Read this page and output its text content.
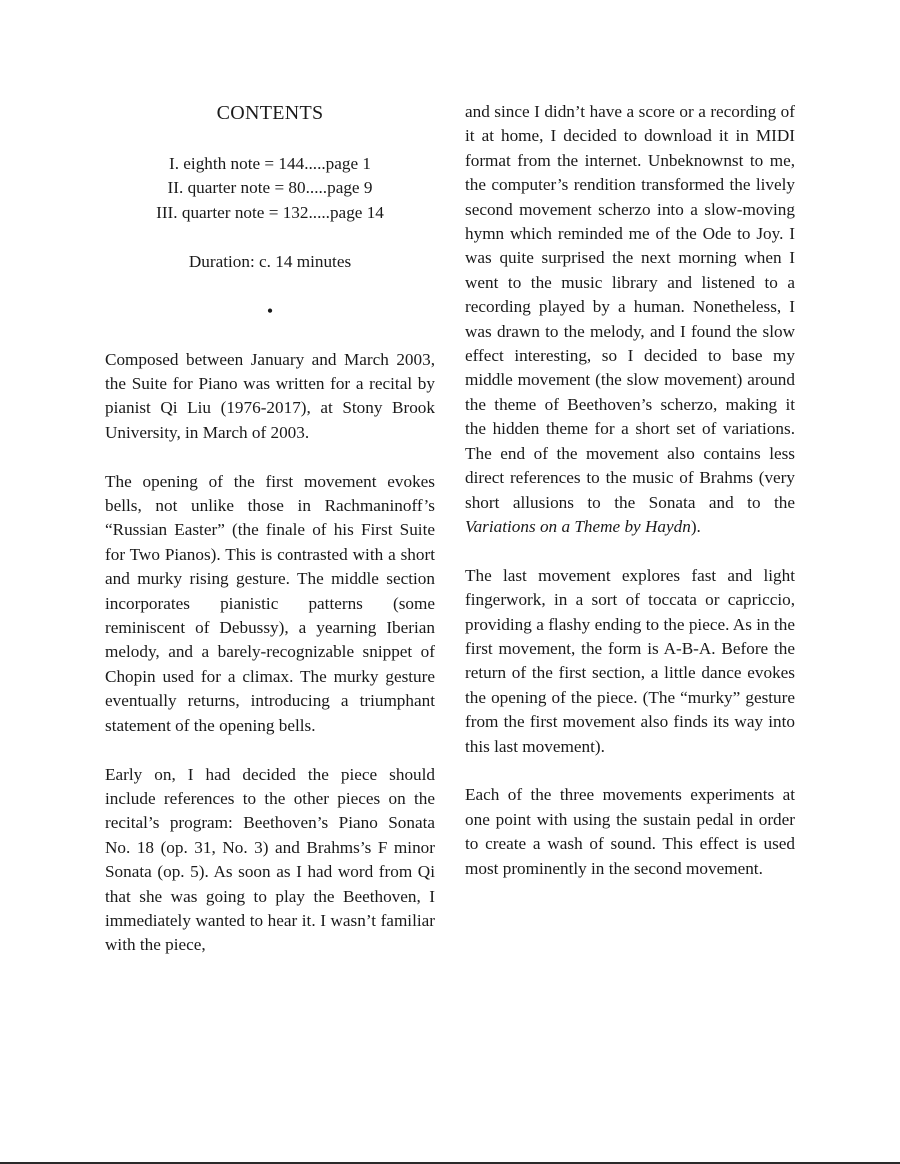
CONTENTS
I. eighth note = 144.....page 1
II. quarter note = 80.....page 9
III. quarter note = 132.....page 14
Duration: c. 14 minutes
•

Composed between January and March 2003, the Suite for Piano was written for a recital by pianist Qi Liu (1976-2017), at Stony Brook University, in March of 2003.

The opening of the first movement evokes bells, not unlike those in Rachmaninoff’s “Russian Easter” (the finale of his First Suite for Two Pianos). This is contrasted with a short and murky rising gesture. The middle section incorporates pianistic patterns (some reminiscent of Debussy), a yearning Iberian melody, and a barely-recognizable snippet of Chopin used for a climax. The murky gesture eventually returns, introducing a triumphant statement of the opening bells.

Early on, I had decided the piece should include references to the other pieces on the recital’s program: Beethoven’s Piano Sonata No. 18 (op. 31, No. 3) and Brahms’s F minor Sonata (op. 5). As soon as I had word from Qi that she was going to play the Beethoven, I immediately wanted to hear it. I wasn’t familiar with the piece,

and since I didn’t have a score or a recording of it at home, I decided to download it in MIDI format from the internet. Unbeknownst to me, the computer’s rendition transformed the lively second movement scherzo into a slow-moving hymn which reminded me of the Ode to Joy. I was quite surprised the next morning when I went to the music library and listened to a recording played by a human. Nonetheless, I was drawn to the melody, and I found the slow effect interesting, so I decided to base my middle movement (the slow movement) around the theme of Beethoven’s scherzo, making it the hidden theme for a short set of variations. The end of the movement also contains less direct references to the music of Brahms (very short allusions to the Sonata and to the Variations on a Theme by Haydn).

The last movement explores fast and light fingerwork, in a sort of toccata or capriccio, providing a flashy ending to the piece. As in the first movement, the form is A-B-A. Before the return of the first section, a little dance evokes the opening of the piece. (The “murky” gesture from the first movement also finds its way into this last movement).

Each of the three movements experiments at one point with using the sustain pedal in order to create a wash of sound. This effect is used most prominently in the second movement.
